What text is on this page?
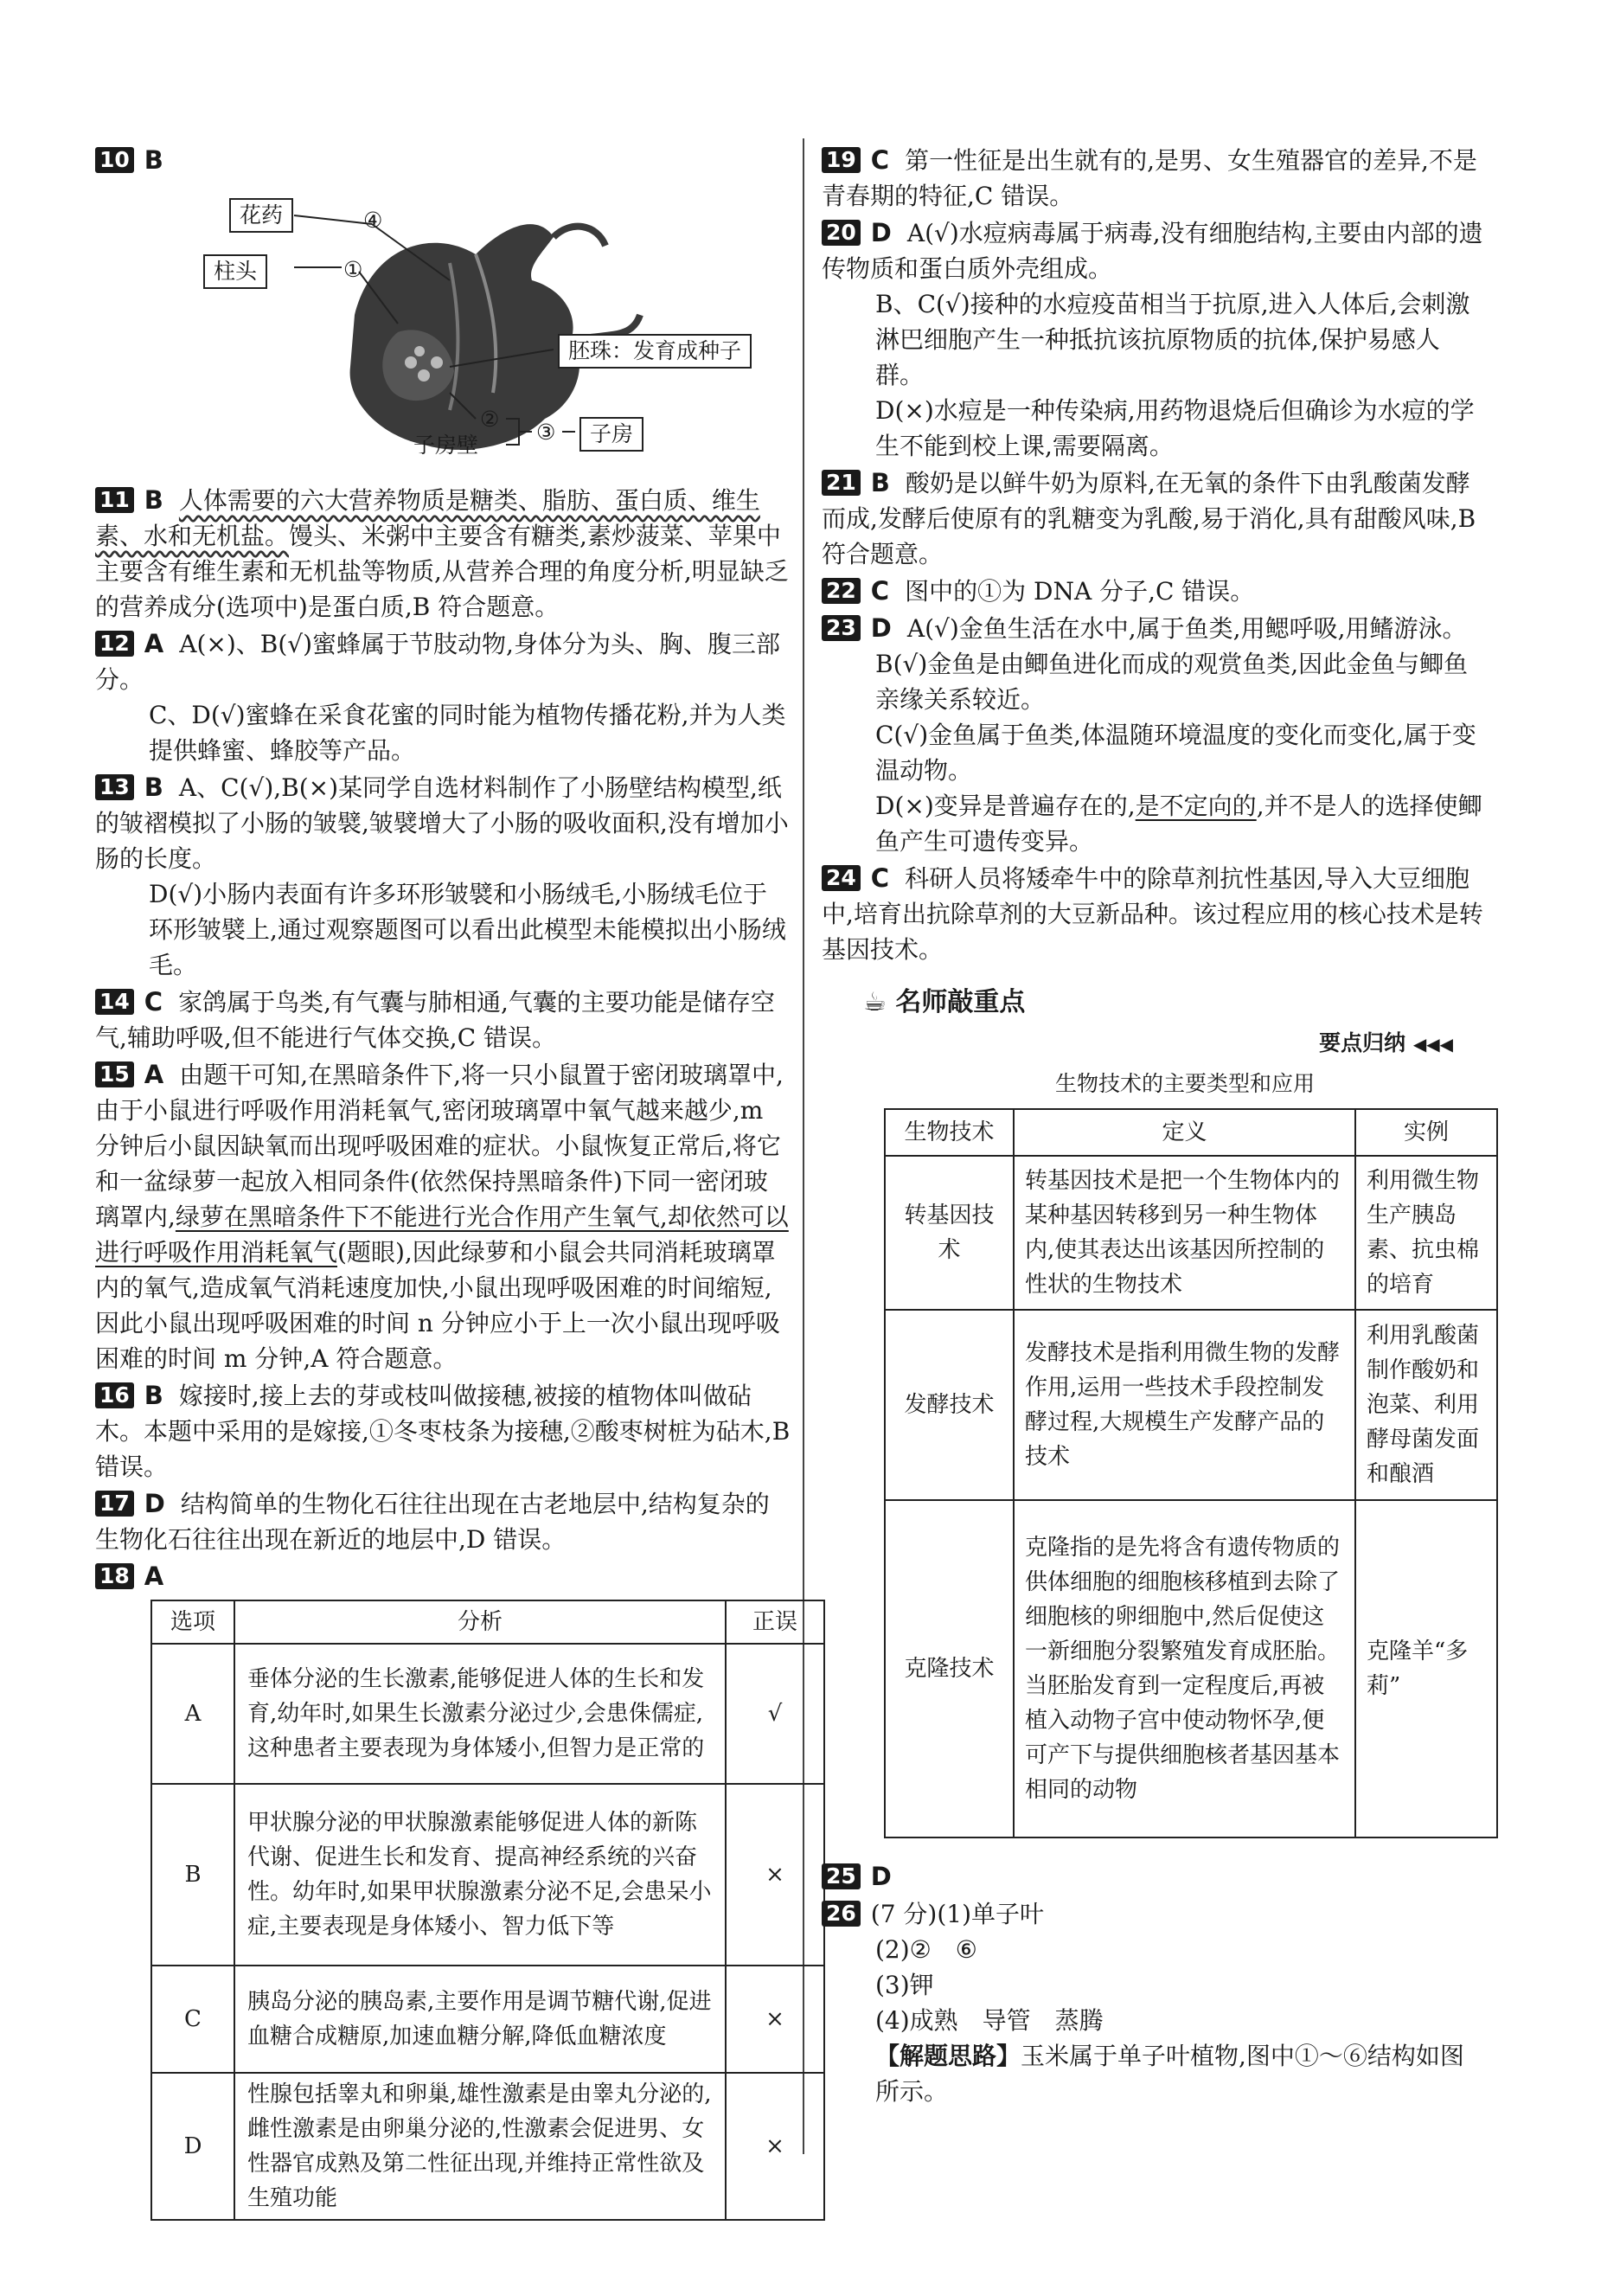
10 B
花药	④
柱头	①
胚珠：发育成种子
②
子房壁
③	子房
11 B 人体需要的六大营养物质是糖类、脂肪、蛋白质、维生素、水和无机盐。馒头、米粥中主要含有糖类,素炒菠菜、苹果中主要含有维生素和无机盐等物质,从营养合理的角度分析,明显缺乏的营养成分(选项中)是蛋白质,B 符合题意。
12 A A(×)、B(√)蜜蜂属于节肢动物,身体分为头、胸、腹三部分。

C、D(√)蜜蜂在采食花蜜的同时能为植物传播花粉,并为人类提供蜂蜜、蜂胶等产品。

13 B A、C(√),B(×)某同学自选材料制作了小肠壁结构模型,纸的皱褶模拟了小肠的皱襞,皱襞增大了小肠的吸收面积,没有增加小肠的长度。

D(√)小肠内表面有许多环形皱襞和小肠绒毛,小肠绒毛位于环形皱襞上,通过观察题图可以看出此模型未能模拟出小肠绒毛。

14 C 家鸽属于鸟类,有气囊与肺相通,气囊的主要功能是储存空气,辅助呼吸,但不能进行气体交换,C 错误。
15 A 由题干可知,在黑暗条件下,将一只小鼠置于密闭玻璃罩中,由于小鼠进行呼吸作用消耗氧气,密闭玻璃罩中氧气越来越少,m 分钟后小鼠因缺氧而出现呼吸困难的症状。小鼠恢复正常后,将它和一盆绿萝一起放入相同条件(依然保持黑暗条件)下同一密闭玻璃罩内,绿萝在黑暗条件下不能进行光合作用产生氧气,却依然可以进行呼吸作用消耗氧气(题眼),因此绿萝和小鼠会共同消耗玻璃罩内的氧气,造成氧气消耗速度加快,小鼠出现呼吸困难的时间缩短,因此小鼠出现呼吸困难的时间 n 分钟应小于上一次小鼠出现呼吸困难的时间 m 分钟,A 符合题意。
16 B 嫁接时,接上去的芽或枝叫做接穗,被接的植物体叫做砧木。本题中采用的是嫁接,①冬枣枝条为接穗,②酸枣树桩为砧木,B 错误。
17 D 结构简单的生物化石往往出现在古老地层中,结构复杂的生物化石往往出现在新近的地层中,D 错误。
18 A
选项	分析	正误
A	垂体分泌的生长激素,能够促进人体的生长和发育,幼年时,如果生长激素分泌过少,会患侏儒症,这种患者主要表现为身体矮小,但智力是正常的	√
B	甲状腺分泌的甲状腺激素能够促进人体的新陈代谢、促进生长和发育、提高神经系统的兴奋性。幼年时,如果甲状腺激素分泌不足,会患呆小症,主要表现是身体矮小、智力低下等	×
C	胰岛分泌的胰岛素,主要作用是调节糖代谢,促进血糖合成糖原,加速血糖分解,降低血糖浓度	×
D	性腺包括睾丸和卵巢,雄性激素是由睾丸分泌的,雌性激素是由卵巢分泌的,性激素会促进男、女性器官成熟及第二性征出现,并维持正常性欲及生殖功能	×
19 C 第一性征是出生就有的,是男、女生殖器官的差异,不是青春期的特征,C 错误。
20 D A(√)水痘病毒属于病毒,没有细胞结构,主要由内部的遗传物质和蛋白质外壳组成。

B、C(√)接种的水痘疫苗相当于抗原,进入人体后,会刺激淋巴细胞产生一种抵抗该抗原物质的抗体,保护易感人群。

D(×)水痘是一种传染病,用药物退烧后但确诊为水痘的学生不能到校上课,需要隔离。

21 B 酸奶是以鲜牛奶为原料,在无氧的条件下由乳酸菌发酵而成,发酵后使原有的乳糖变为乳酸,易于消化,具有甜酸风味,B 符合题意。
22 C 图中的①为 DNA 分子,C 错误。
23 D A(√)金鱼生活在水中,属于鱼类,用鳃呼吸,用鳍游泳。

B(√)金鱼是由鲫鱼进化而成的观赏鱼类,因此金鱼与鲫鱼亲缘关系较近。

C(√)金鱼属于鱼类,体温随环境温度的变化而变化,属于变温动物。

D(×)变异是普遍存在的,是不定向的,并不是人的选择使鲫鱼产生可遗传变异。

24 C 科研人员将矮牵牛中的除草剂抗性基因,导入大豆细胞中,培育出抗除草剂的大豆新品种。该过程应用的核心技术是转基因技术。
☕ 名师敲重点
要点归纳 ◀◀◀
生物技术的主要类型和应用
生物技术	定义	实例
转基因技术	转基因技术是把一个生物体内的某种基因转移到另一种生物体内,使其表达出该基因所控制的性状的生物技术	利用微生物生产胰岛素、抗虫棉的培育
发酵技术	发酵技术是指利用微生物的发酵作用,运用一些技术手段控制发酵过程,大规模生产发酵产品的技术	利用乳酸菌制作酸奶和泡菜、利用酵母菌发面和酿酒
克隆技术	克隆指的是先将含有遗传物质的供体细胞的细胞核移植到去除了细胞核的卵细胞中,然后促使这一新细胞分裂繁殖发育成胚胎。当胚胎发育到一定程度后,再被植入动物子宫中使动物怀孕,便可产下与提供细胞核者基因基本相同的动物	克隆羊“多莉”
25 D
26 (7 分)(1)单子叶

(2)②　⑥

(3)钾

(4)成熟　导管　蒸腾

【解题思路】玉米属于单子叶植物,图中①～⑥结构如图所示。
